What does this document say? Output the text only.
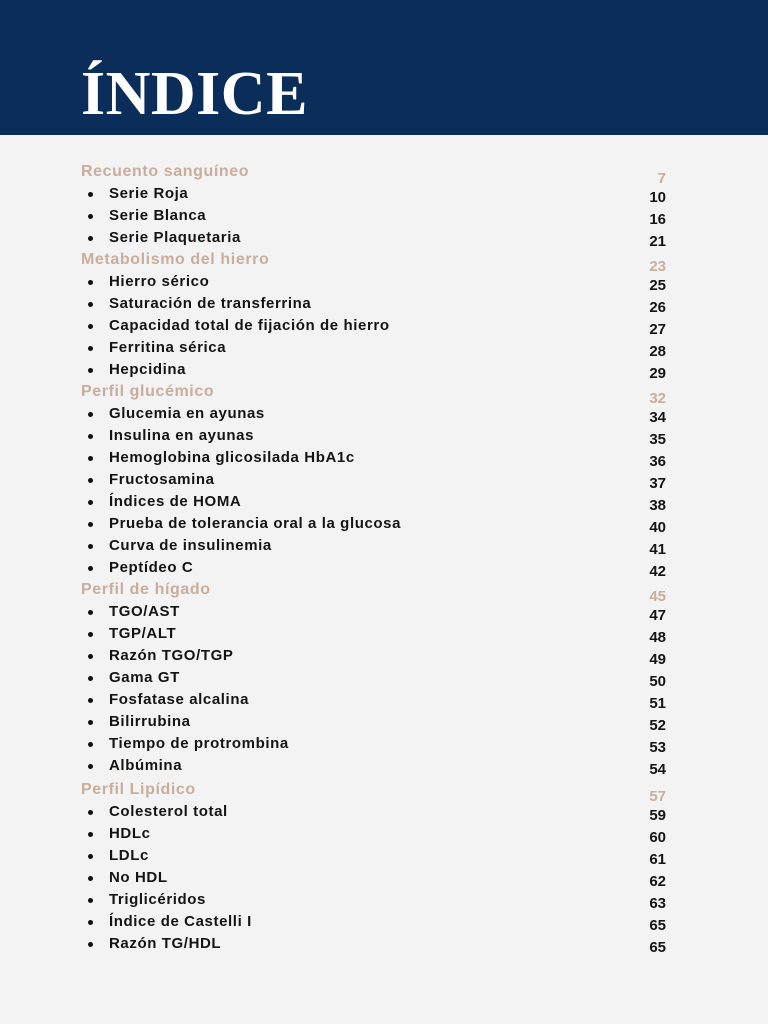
ÍNDICE
Recuento sanguíneo	7
Serie Roja	10
Serie Blanca	16
Serie Plaquetaria	21
Metabolismo del hierro	23
Hierro sérico	25
Saturación de transferrina	26
Capacidad total de fijación de hierro	27
Ferritina sérica	28
Hepcidina	29
Perfil glucémico	32
Glucemia en ayunas	34
Insulina en ayunas	35
Hemoglobina glicosilada HbA1c	36
Fructosamina	37
Índices de HOMA	38
Prueba de tolerancia oral a la glucosa	40
Curva de insulinemia	41
Peptídeo C	42
Perfil de hígado	45
TGO/AST	47
TGP/ALT	48
Razón TGO/TGP	49
Gama GT	50
Fosfatase alcalina	51
Bilirrubina	52
Tiempo de protrombina	53
Albúmina	54
Perfil Lipídico	57
Colesterol total	59
HDLc	60
LDLc	61
No HDL	62
Triglicéridos	63
Índice de Castelli I	65
Razón TG/HDL	65
